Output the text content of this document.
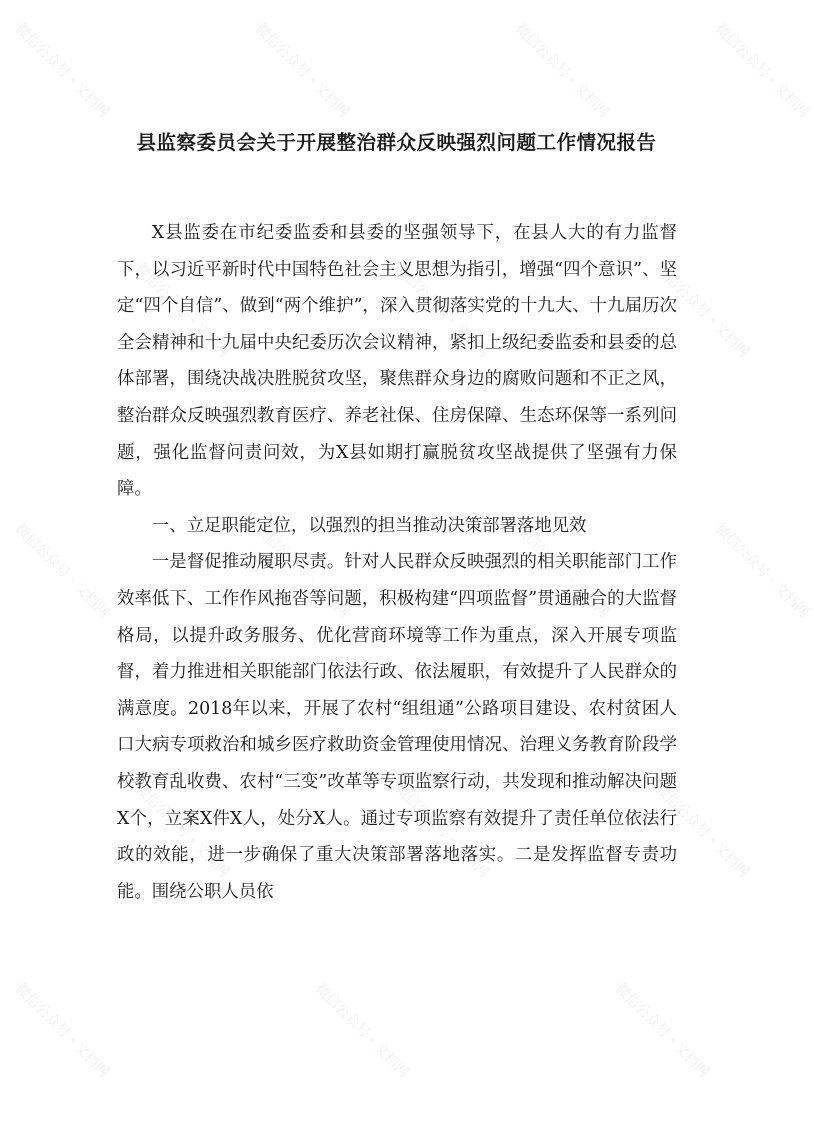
微信公众号 · 文档网	微信公众号 · 文档网	微信公众号 · 文档网	微信公众号 · 文档网
微信公众号 · 文档网	微信公众号 · 文档网	微信公众号 · 文档网
微信公众号 · 文档网	微信公众号 · 文档网	微信公众号 · 文档网	微信公众号 · 文档网
微信公众号 · 文档网	微信公众号 · 文档网	微信公众号 · 文档网
微信公众号 · 文档网	微信公众号 · 文档网	微信公众号 · 文档网
县监察委员会关于开展整治群众反映强烈问题工作情况报告

X县监委在市纪委监委和县委的坚强领导下，在县人大的有力监督下，以习近平新时代中国特色社会主义思想为指引，增强“四个意识”、坚定“四个自信”、做到“两个维护”，深入贯彻落实党的十九大、十九届历次全会精神和十九届中央纪委历次会议精神，紧扣上级纪委监委和县委的总体部署，围绕决战决胜脱贫攻坚，聚焦群众身边的腐败问题和不正之风，整治群众反映强烈教育医疗、养老社保、住房保障、生态环保等一系列问题，强化监督问责问效，为X县如期打赢脱贫攻坚战提供了坚强有力保障。

一、立足职能定位，以强烈的担当推动决策部署落地见效

一是督促推动履职尽责。针对人民群众反映强烈的相关职能部门工作效率低下、工作作风拖沓等问题，积极构建“四项监督”贯通融合的大监督格局，以提升政务服务、优化营商环境等工作为重点，深入开展专项监督，着力推进相关职能部门依法行政、依法履职，有效提升了人民群众的满意度。2018年以来，开展了农村“组组通”公路项目建设、农村贫困人口大病专项救治和城乡医疗救助资金管理使用情况、治理义务教育阶段学校教育乱收费、农村“三变”改革等专项监察行动，共发现和推动解决问题X个，立案X件X人，处分X人。通过专项监察有效提升了责任单位依法行政的效能，进一步确保了重大决策部署落地落实。二是发挥监督专责功能。围绕公职人员依
